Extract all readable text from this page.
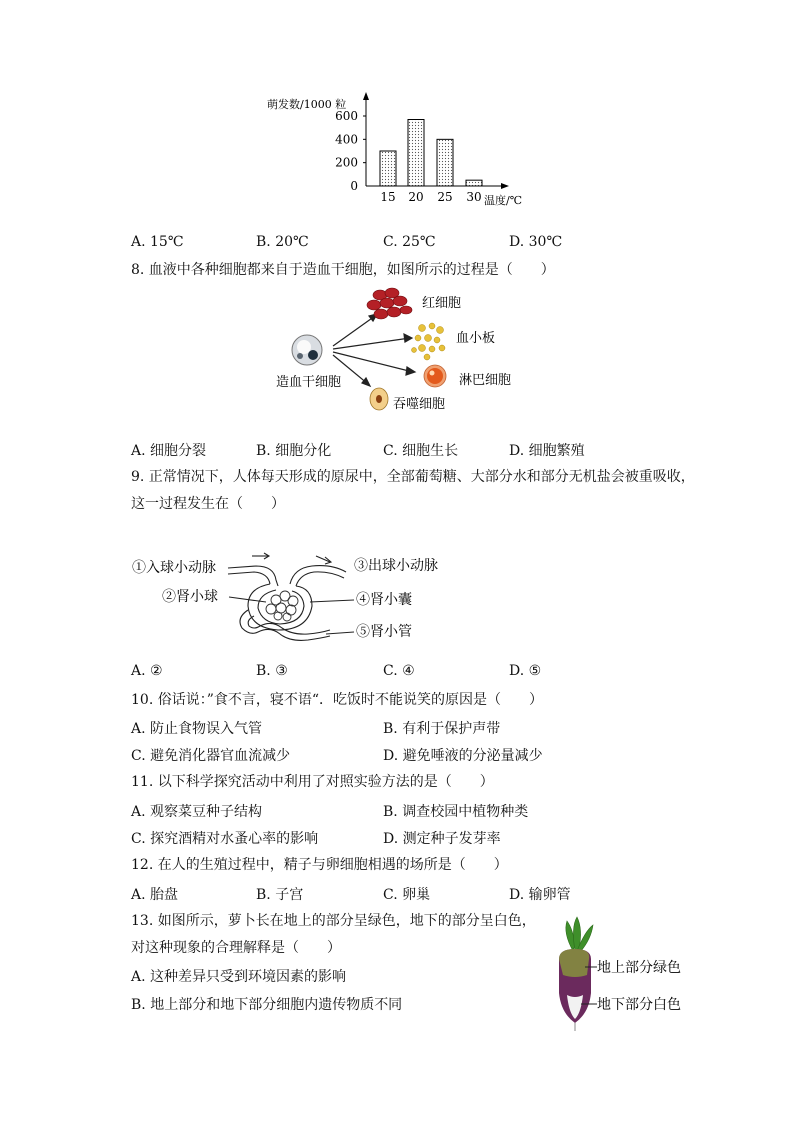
萌发数/1000 粒
0
200
400
600
15 20 25 30 温度/℃
A. 15℃	B. 20℃	C. 25℃	D. 30℃
8. 血液中各种细胞都来自于造血干细胞，如图所示的过程是（　　）
造血干细胞
红细胞
血小板
淋巴细胞
吞噬细胞
A. 细胞分裂	B. 细胞分化	C. 细胞生长	D. 细胞繁殖
9. 正常情况下，人体每天形成的原尿中，全部葡萄糖、大部分水和部分无机盐会被重吸收，
这一过程发生在（　　）
①入球小动脉
②肾小球
③出球小动脉
④肾小囊
⑤肾小管
A. ②	B. ③	C. ④	D. ⑤
10. 俗话说：”食不言，寝不语“．吃饭时不能说笑的原因是（　　）
A. 防止食物误入气管	B. 有利于保护声带
C. 避免消化器官血流减少	D. 避免唾液的分泌量减少
11. 以下科学探究活动中利用了对照实验方法的是（　　）
A. 观察菜豆种子结构	B. 调查校园中植物种类
C. 探究酒精对水蚤心率的影响	D. 测定种子发芽率
12. 在人的生殖过程中，精子与卵细胞相遇的场所是（　　）
A. 胎盘	B. 子宫	C. 卵巢	D. 输卵管
13. 如图所示，萝卜长在地上的部分呈绿色，地下的部分呈白色，
对这种现象的合理解释是（　　）
A. 这种差异只受到环境因素的影响
B. 地上部分和地下部分细胞内遗传物质不同
地上部分绿色
地下部分白色
